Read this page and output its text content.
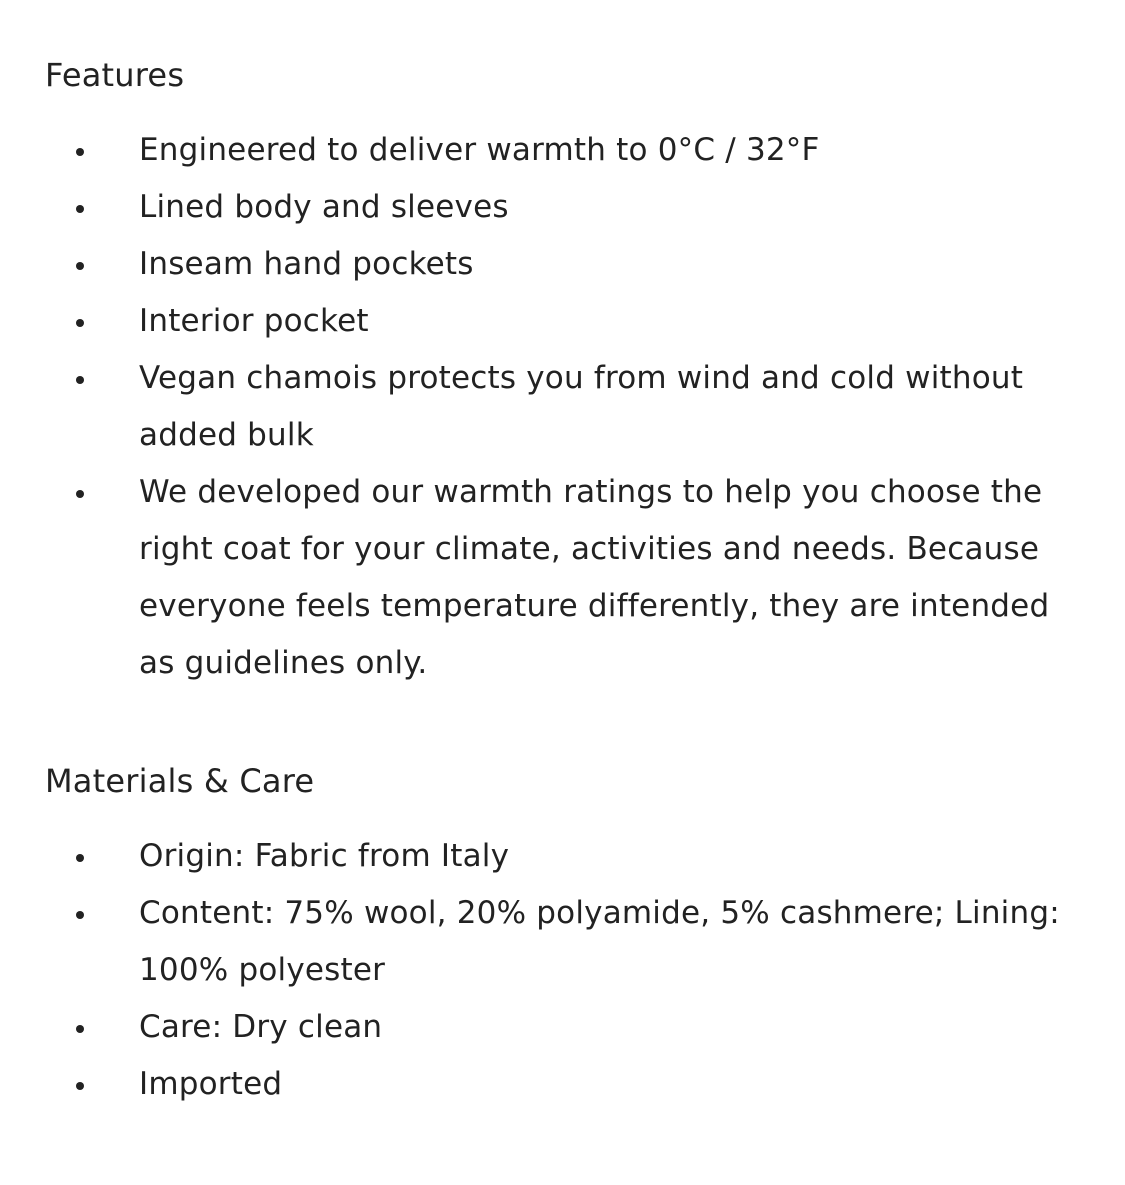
Features
Engineered to deliver warmth to 0°C / 32°F
Lined body and sleeves
Inseam hand pockets
Interior pocket
Vegan chamois protects you from wind and cold without added bulk
We developed our warmth ratings to help you choose the right coat for your climate, activities and needs. Because everyone feels temperature differently, they are intended as guidelines only.
Materials & Care
Origin: Fabric from Italy
Content: 75% wool, 20% polyamide, 5% cashmere; Lining: 100% polyester
Care: Dry clean
Imported
